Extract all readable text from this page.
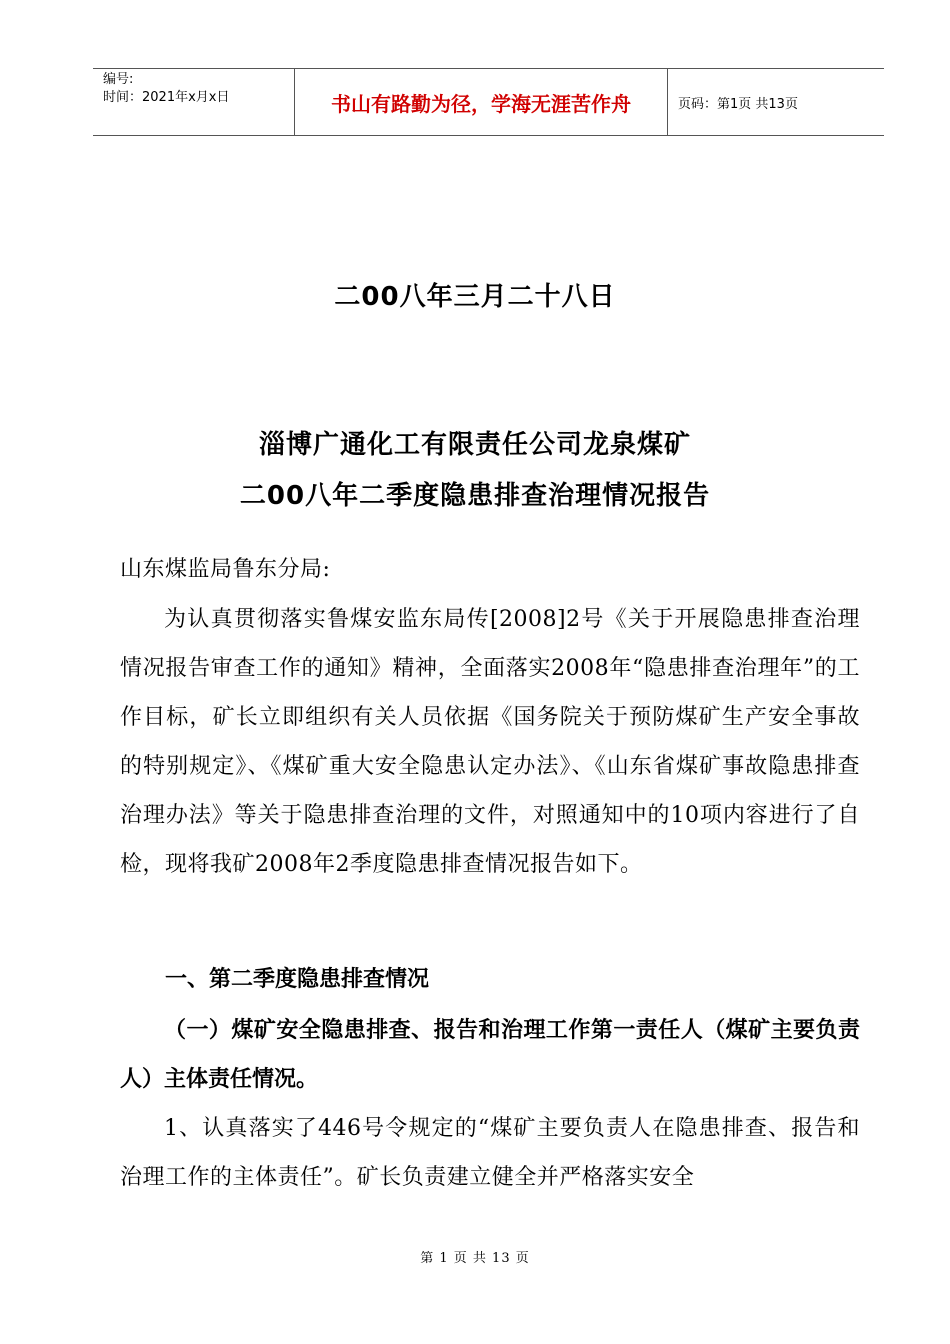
编号:
时间：2021年x月x日	书山有路勤为径，学海无涯苦作舟	页码：第1页 共13页
二00八年三月二十八日
淄博广通化工有限责任公司龙泉煤矿
二00八年二季度隐患排查治理情况报告
山东煤监局鲁东分局:
为认真贯彻落实鲁煤安监东局传[2008]2号《关于开展隐患排查治理情况报告审查工作的通知》精神，全面落实2008年“隐患排查治理年”的工作目标，矿长立即组织有关人员依据《国务院关于预防煤矿生产安全事故的特别规定》、《煤矿重大安全隐患认定办法》、《山东省煤矿事故隐患排查治理办法》等关于隐患排查治理的文件，对照通知中的10项内容进行了自检，现将我矿2008年2季度隐患排查情况报告如下。
一、第二季度隐患排查情况
（一）煤矿安全隐患排查、报告和治理工作第一责任人（煤矿主要负责人）主体责任情况。
1、认真落实了446号令规定的“煤矿主要负责人在隐患排查、报告和治理工作的主体责任”。矿长负责建立健全并严格落实安全
第 1 页 共 13 页
